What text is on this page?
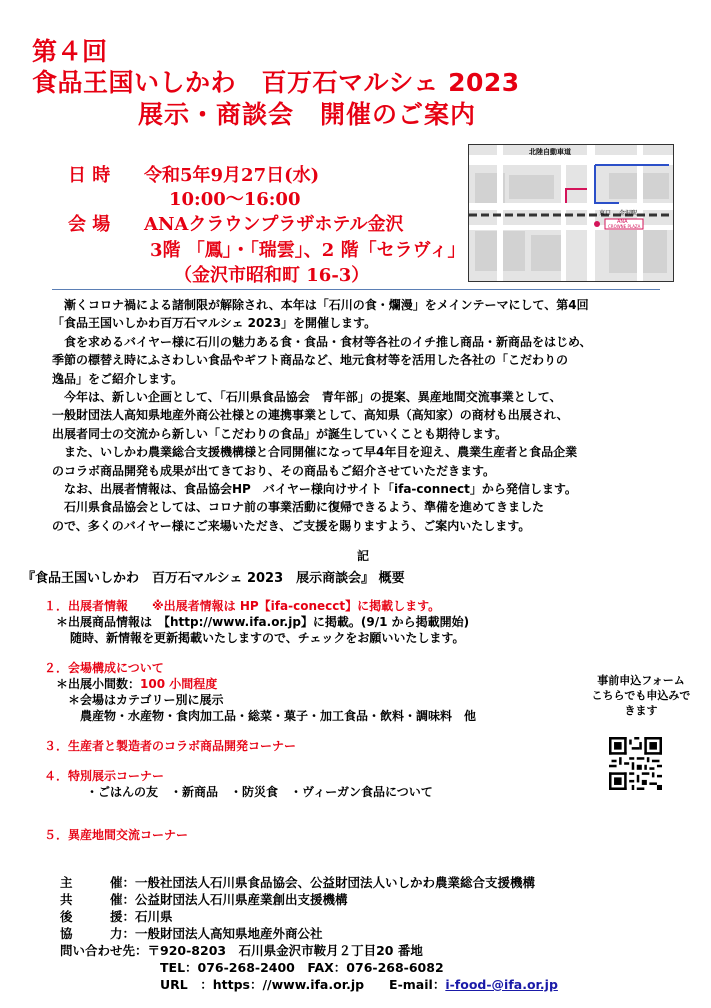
第４回
食品王国いしかわ　百万石マルシェ 2023
展示・商談会　開催のご案内
日 時 令和5年9月27日(水)
10:00～16:00
会 場 ANAクラウンプラザホテル金沢
3階 「鳳」・「瑞雲」、2 階「セラヴィ」
（金沢市昭和町 16-3）
北陸自動車道
東口 金沢駅
ANA
CROWNE PLAZA

　漸くコロナ禍による諸制限が解除され、本年は「石川の食・爛漫」をメインテーマにして、第4回

「食品王国いしかわ百万石マルシェ 2023」を開催します。

　食を求めるバイヤー様に石川の魅力ある食・食品・食材等各社のイチ推し商品・新商品をはじめ、

季節の標替え時にふさわしい食品やギフト商品など、地元食材等を活用した各社の「こだわりの

逸品」をご紹介します。

　今年は、新しい企画として、「石川県食品協会　青年部」の提案、異産地間交流事業として、

一般財団法人高知県地産外商公社様との連携事業として、高知県（高知家）の商材も出展され、

出展者同士の交流から新しい「こだわりの食品」が誕生していくことも期待します。

　また、いしかわ農業総合支援機構様と合同開催になって早4年目を迎え、農業生産者と食品企業

のコラボ商品開発も成果が出てきており、その商品もご紹介させていただきます。

　なお、出展者情報は、食品協会HP　バイヤー様向けサイト「ifa-connect」から発信します。

　石川県食品協会としては、コロナ前の事業活動に復帰できるよう、準備を進めてきました

ので、多くのバイヤー様にご来場いただき、ご支援を賜りますよう、ご案内いたします。

記
『食品王国いしかわ　百万石マルシェ 2023　展示商談会』 概要
１．出展者情報　　※出展者情報は HP【ifa-conecct】に掲載します。
＊出展商品情報は　【http://www.ifa.or.jp】に掲載。(9/1 から掲載開始)
随時、新情報を更新掲載いたしますので、チェックをお願いいたします。
２．会場構成について
＊出展小間数：100 小間程度
＊会場はカテゴリー別に展示
農産物・水産物・食肉加工品・総菜・菓子・加工食品・飲料・調味料　他
３．生産者と製造者のコラボ商品開発コーナー
４．特別展示コーナー
・ごはんの友　・新商品　・防災食　・ヴィーガン食品について
５．異産地間交流コーナー
事前申込フォーム
こちらでも申込みで
きます
主　　　催：一般社団法人石川県食品協会、公益財団法人いしかわ農業総合支援機構
共　　　催：公益財団法人石川県産業創出支援機構
後　　　援：石川県
協　　　力：一般財団法人高知県地産外商公社
問い合わせ先：〒920-8203　石川県金沢市鞍月２丁目20 番地
TEL：076-268-2400　FAX：076-268-6082
URL　：https：//www.ifa.or.jp　　E-mail：i-food-@ifa.or.jp
